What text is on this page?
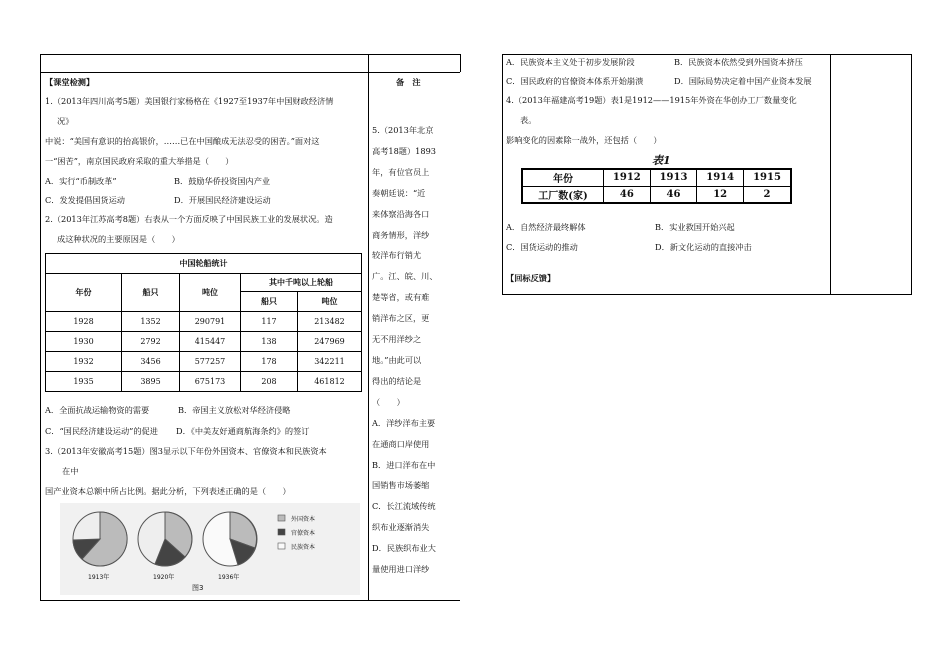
【课堂检测】	备　注
1.（2013年四川高考5题）美国银行家杨格在《1927至1937年中国财政经济情
况》
中说：“美国有意识的抬高银价，……已在中国酿成无法忍受的困苦。”面对这
一“困苦”，南京国民政府采取的重大举措是（　　）
A．实行“币制改革”	B．鼓励华侨投资国内产业
C．发发提倡国货运动	D．开展国民经济建设运动
2.（2013年江苏高考8题）右表从一个方面反映了中国民族工业的发展状况。造
成这种状况的主要原因是（　　）
中国轮船统计				
年份	船只	吨位	其中千吨以上轮船	
			船只	吨位
1928	1352	290791	117	213482
1930	2792	415447	138	247969
1932	3456	577257	178	342211
1935	3895	675173	208	461812
A．全面抗战运输物资的需要	B．帝国主义放松对华经济侵略
C．“国民经济建设运动”的促进 D．《中美友好通商航海条约》的签订
3.（2013年安徽高考15题）图3显示以下年份外国资本、官僚资本和民族资本
在中
国产业资本总额中所占比例。据此分析，下列表述正确的是（　　）
外国资本
官僚资本
民族资本
1913年	1920年	1936年
图3
5.（2013年北京
高考18题）1893
年，有位官员上
奏朝廷说：“近
来体察沿海各口
商务情形，洋纱
较洋布行销尤
广。江、皖、川、
楚等省，或有难
销洋布之区，更
无不用洋纱之
地。”由此可以
得出的结论是
（　　）
A．洋纱洋布主要
在通商口岸使用
B．进口洋布在中
国销售市场萎缩
C．长江流域传统
织布业逐渐消失
D．民族织布业大
量使用进口洋纱
A．民族资本主义处于初步发展阶段	B．民族资本依然受到外国资本挤压
C．国民政府的官僚资本体系开始崩溃	D．国际局势决定着中国产业资本发展
4.（2013年福建高考19题）表1是1912——1915年外资在华创办工厂数量变化
表。
影响变化的因素除一战外，还包括（　　）
表1
年份	1912	1913	1914	1915
工厂数(家)	46	46	12	2
A．自然经济最终解体	B．实业救国开始兴起
C．国货运动的推动	D．新文化运动的直接冲击
【回标反馈】
